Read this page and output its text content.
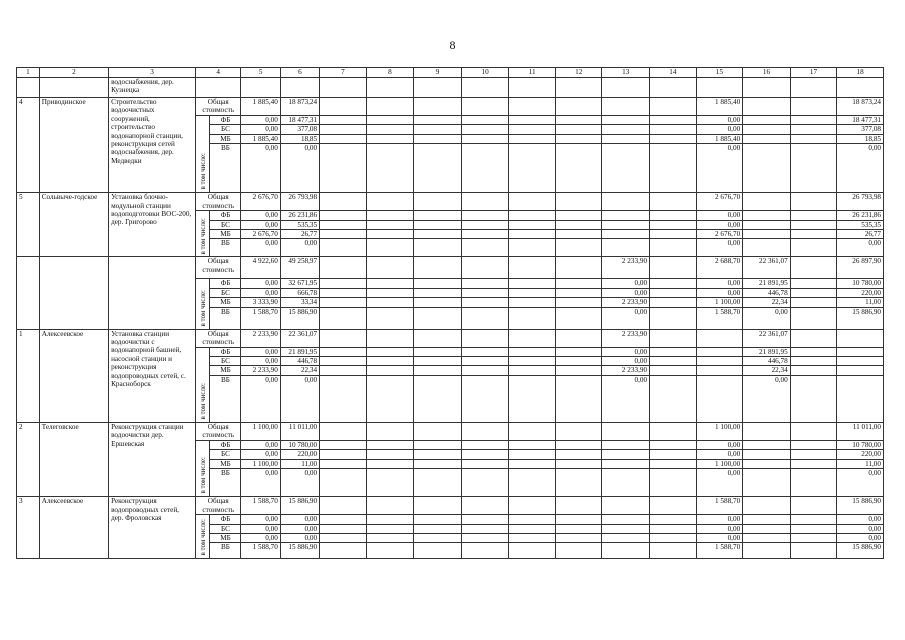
8
1	2	3	4		5	6	7	8	9	10	11	12	13	14	15	16	17	18
		водоснабжения, дер. Кузнецка																
4	Приводинское	Строительство водоочистных сооружений, строительство водонапорной станции, реконструкция сетей водоснабжения, дер. Медведки	Общая стоимость		1 885,40	18 873,24									1 885,40			18 873,24
			в том числе:	ФБ	0,00	18 477,31									0,00			18 477,31
				БС	0,00	377,08									0,00			377,08
				МБ	1 885,40	18,85									1 885,40			18,85
				ВБ	0,00	0,00									0,00			0,00
5	Сольвыче-годское	Установка блочно-модульной станции водоподготовки ВОС-200, дер. Григорово	Общая стоимость		2 676,70	26 793,98									2 676,70			26 793,98
			в том числе:	ФБ	0,00	26 231,86									0,00			26 231,86
				БС	0,00	535,35									0,00			535,35
				МБ	2 676,70	26,77									2 676,70			26,77
				ВБ	0,00	0,00									0,00			0,00
			Общая стоимость		4 922,60	49 258,97							2 233,90		2 688,70	22 361,07		26 897,90
			в том числе:	ФБ	0,00	32 671,95							0,00		0,00	21 891,95		10 780,00
				БС	0,00	666,78							0,00		0,00	446,78		220,00
				МБ	3 333,90	33,34							2 233,90		1 100,00	22,34		11,00
				ВБ	1 588,70	15 886,90							0,00		1 588,70	0,00		15 886,90
1	Алексеевское	Установка станции водоочистки с водонапорной башней, насосной станции и реконструкция водопроводных сетей, с. Красноборск	Общая стоимость		2 233,90	22 361,07							2 233,90			22 361,07		
			в том числе:	ФБ	0,00	21 891,95							0,00			21 891,95		
				БС	0,00	446,78							0,00			446,78		
				МБ	2 233,90	22,34							2 233,90			22,34		
				ВБ	0,00	0,00							0,00			0,00		
2	Телеговское	Реконструкция станции водоочистки дер. Ершевская	Общая стоимость		1 100,00	11 011,00									1 100,00			11 011,00
			в том числе:	ФБ	0,00	10 780,00									0,00			10 780,00
				БС	0,00	220,00									0,00			220,00
				МБ	1 100,00	11,00									1 100,00			11,00
				ВБ	0,00	0,00									0,00			0,00
3	Алексеевское	Реконструкция водопроводных сетей, дер. Фроловская	Общая стоимость		1 588,70	15 886,90									1 588,70			15 886,90
			в том числе:	ФБ	0,00	0,00									0,00			0,00
				БС	0,00	0,00									0,00			0,00
				МБ	0,00	0,00									0,00			0,00
				ВБ	1 588,70	15 886,90									1 588,70			15 886,90
